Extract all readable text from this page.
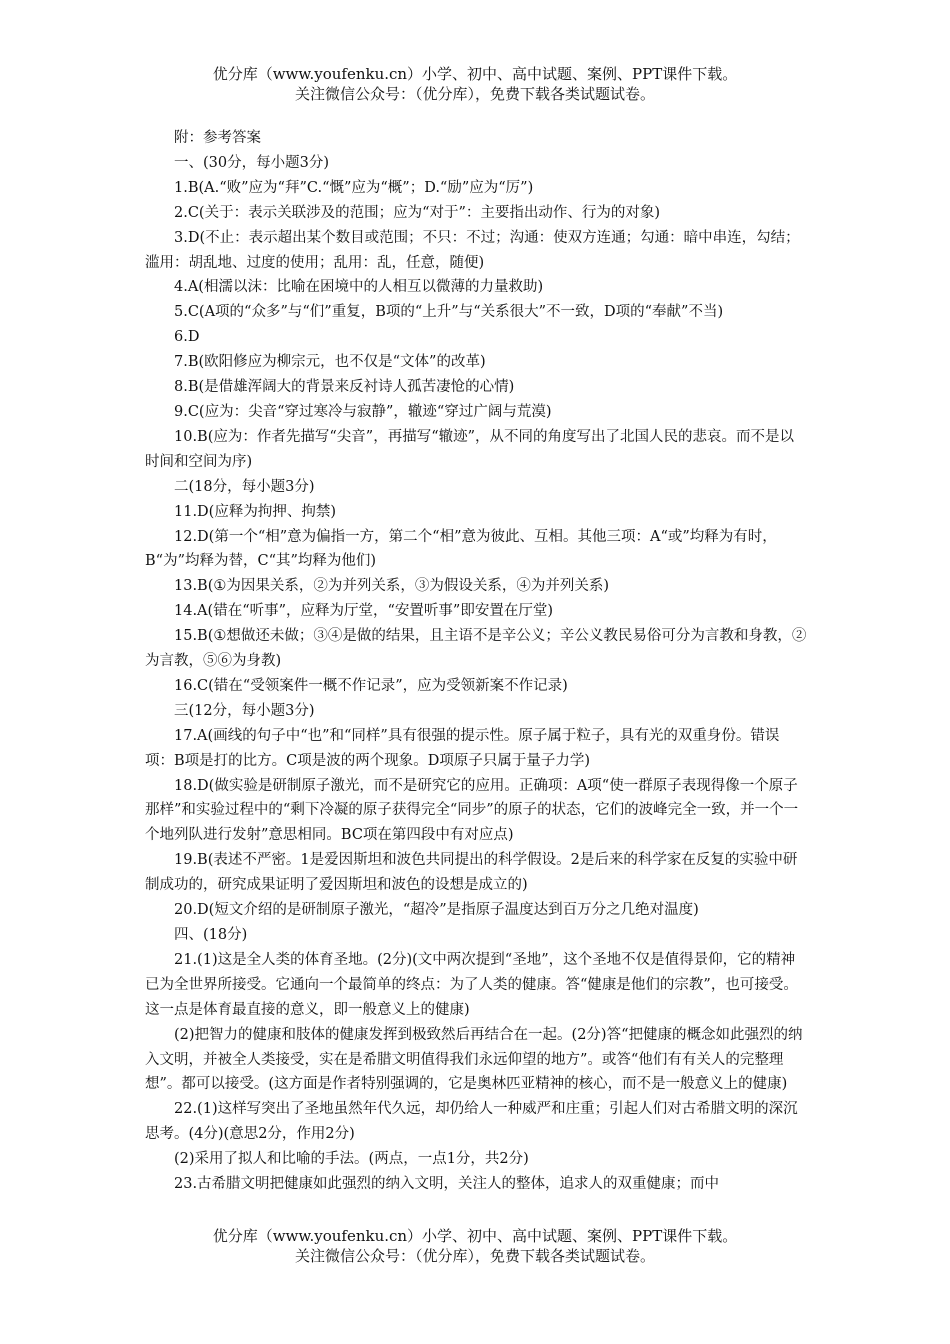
优分库（www.youfenku.cn）小学、初中、高中试题、案例、PPT课件下载。
关注微信公众号：（优分库），免费下载各类试题试卷。

附：参考答案

一、(30分，每小题3分)

1.B(A.“败”应为“拜”C.“慨”应为“概”；D.“励”应为“厉”)

2.C(关于：表示关联涉及的范围；应为“对于”：主要指出动作、行为的对象)

3.D(不止：表示超出某个数目或范围；不只：不过；沟通：使双方连通；勾通：暗中串连，勾结；滥用：胡乱地、过度的使用；乱用：乱，任意，随便)

4.A(相濡以沫：比喻在困境中的人相互以微薄的力量救助)

5.C(A项的“众多”与“们”重复，B项的“上升”与“关系很大”不一致，D项的“奉献”不当)

6.D

7.B(欧阳修应为柳宗元，也不仅是“文体”的改革)

8.B(是借雄浑阔大的背景来反衬诗人孤苦凄怆的心情)

9.C(应为：尖音“穿过寒冷与寂静”，辙迹“穿过广阔与荒漠)

10.B(应为：作者先描写“尖音”，再描写“辙迹”，从不同的角度写出了北国人民的悲哀。而不是以时间和空间为序)

二(18分，每小题3分)

11.D(应释为拘押、拘禁)

12.D(第一个“相”意为偏指一方，第二个“相”意为彼此、互相。其他三项：A“或”均释为有时，B“为”均释为替，C“其”均释为他们)

13.B(①为因果关系，②为并列关系，③为假设关系，④为并列关系)

14.A(错在“听事”，应释为厅堂，“安置听事”即安置在厅堂)

15.B(①想做还未做；③④是做的结果，且主语不是辛公义；辛公义教民易俗可分为言教和身教，②为言教，⑤⑥为身教)

16.C(错在“受领案件一概不作记录”，应为受领新案不作记录)

三(12分，每小题3分)

17.A(画线的句子中“也”和“同样”具有很强的提示性。原子属于粒子，具有光的双重身份。错误项：B项是打的比方。C项是波的两个现象。D项原子只属于量子力学)

18.D(做实验是研制原子激光，而不是研究它的应用。正确项：A项“使一群原子表现得像一个原子那样”和实验过程中的“剩下冷凝的原子获得完全“同步”的原子的状态，它们的波峰完全一致，并一个一个地列队进行发射”意思相同。BC项在第四段中有对应点)

19.B(表述不严密。1是爱因斯坦和波色共同提出的科学假设。2是后来的科学家在反复的实验中研制成功的，研究成果证明了爱因斯坦和波色的设想是成立的)

20.D(短文介绍的是研制原子激光，“超冷”是指原子温度达到百万分之几绝对温度)

四、(18分)

21.(1)这是全人类的体育圣地。(2分)(文中两次提到“圣地”，这个圣地不仅是值得景仰，它的精神已为全世界所接受。它通向一个最简单的终点：为了人类的健康。答“健康是他们的宗教”，也可接受。这一点是体育最直接的意义，即一般意义上的健康)

(2)把智力的健康和肢体的健康发挥到极致然后再结合在一起。(2分)答“把健康的概念如此强烈的纳入文明，并被全人类接受，实在是希腊文明值得我们永远仰望的地方”。或答“他们有有关人的完整理想”。都可以接受。(这方面是作者特别强调的，它是奥林匹亚精神的核心，而不是一般意义上的健康)

22.(1)这样写突出了圣地虽然年代久远，却仍给人一种威严和庄重；引起人们对古希腊文明的深沉思考。(4分)(意思2分，作用2分)

(2)采用了拟人和比喻的手法。(两点，一点1分，共2分)

23.古希腊文明把健康如此强烈的纳入文明，关注人的整体，追求人的双重健康；而中

优分库（www.youfenku.cn）小学、初中、高中试题、案例、PPT课件下载。
关注微信公众号：（优分库），免费下载各类试题试卷。
